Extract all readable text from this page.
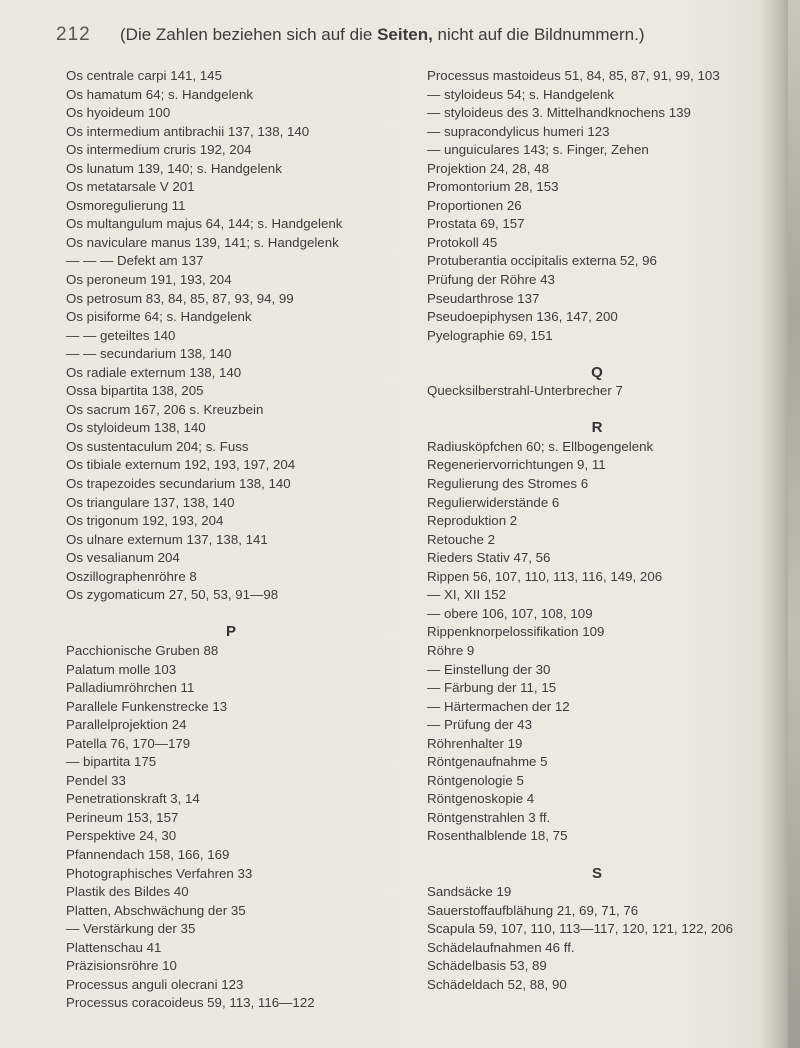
212 (Die Zahlen beziehen sich auf die Seiten, nicht auf die Bildnummern.)
Os centrale carpi 141, 145
Os hamatum 64; s. Handgelenk
Os hyoideum 100
Os intermedium antibrachii 137, 138, 140
Os intermedium cruris 192, 204
Os lunatum 139, 140; s. Handgelenk
Os metatarsale V 201
Osmoregulierung 11
Os multangulum majus 64, 144; s. Handgelenk
Os naviculare manus 139, 141; s. Handgelenk
— — — Defekt am 137
Os peroneum 191, 193, 204
Os petrosum 83, 84, 85, 87, 93, 94, 99
Os pisiforme 64; s. Handgelenk
— — geteiltes 140
— — secundarium 138, 140
Os radiale externum 138, 140
Ossa bipartita 138, 205
Os sacrum 167, 206 s. Kreuzbein
Os styloideum 138, 140
Os sustentaculum 204; s. Fuss
Os tibiale externum 192, 193, 197, 204
Os trapezoides secundarium 138, 140
Os triangulare 137, 138, 140
Os trigonum 192, 193, 204
Os ulnare externum 137, 138, 141
Os vesalianum 204
Oszillographenröhre 8
Os zygomaticum 27, 50, 53, 91—98
P
Pacchionische Gruben 88
Palatum molle 103
Palladiumröhrchen 11
Parallele Funkenstrecke 13
Parallelprojektion 24
Patella 76, 170—179
— bipartita 175
Pendel 33
Penetrationskraft 3, 14
Perineum 153, 157
Perspektive 24, 30
Pfannendach 158, 166, 169
Photographisches Verfahren 33
Plastik des Bildes 40
Platten, Abschwächung der 35
— Verstärkung der 35
Plattenschau 41
Präzisionsröhre 10
Processus anguli olecrani 123
Processus coracoideus 59, 113, 116—122
Processus mastoideus 51, 84, 85, 87, 91, 99, 103
— styloideus 54; s. Handgelenk
— styloideus des 3. Mittelhandknochens 139
— supracondylicus humeri 123
— unguiculares 143; s. Finger, Zehen
Projektion 24, 28, 48
Promontorium 28, 153
Proportionen 26
Prostata 69, 157
Protokoll 45
Protuberantia occipitalis externa 52, 96
Prüfung der Röhre 43
Pseudarthrose 137
Pseudoepiphysen 136, 147, 200
Pyelographie 69, 151
Q
Quecksilberstrahl-Unterbrecher 7
R
Radiusköpfchen 60; s. Ellbogengelenk
Regeneriervorrichtungen 9, 11
Regulierung des Stromes 6
Regulierwiderstände 6
Reproduktion 2
Retouche 2
Rieders Stativ 47, 56
Rippen 56, 107, 110, 113, 116, 149, 206
— XI, XII 152
— obere 106, 107, 108, 109
Rippenknorpelossifikation 109
Röhre 9
— Einstellung der 30
— Färbung der 11, 15
— Härtermachen der 12
— Prüfung der 43
Röhrenhalter 19
Röntgenaufnahme 5
Röntgenologie 5
Röntgenoskopie 4
Röntgenstrahlen 3 ff.
Rosenthalblende 18, 75
S
Sandsäcke 19
Sauerstoffaufblähung 21, 69, 71, 76
Scapula 59, 107, 110, 113—117, 120, 121, 122, 206
Schädelaufnahmen 46 ff.
Schädelbasis 53, 89
Schädeldach 52, 88, 90
